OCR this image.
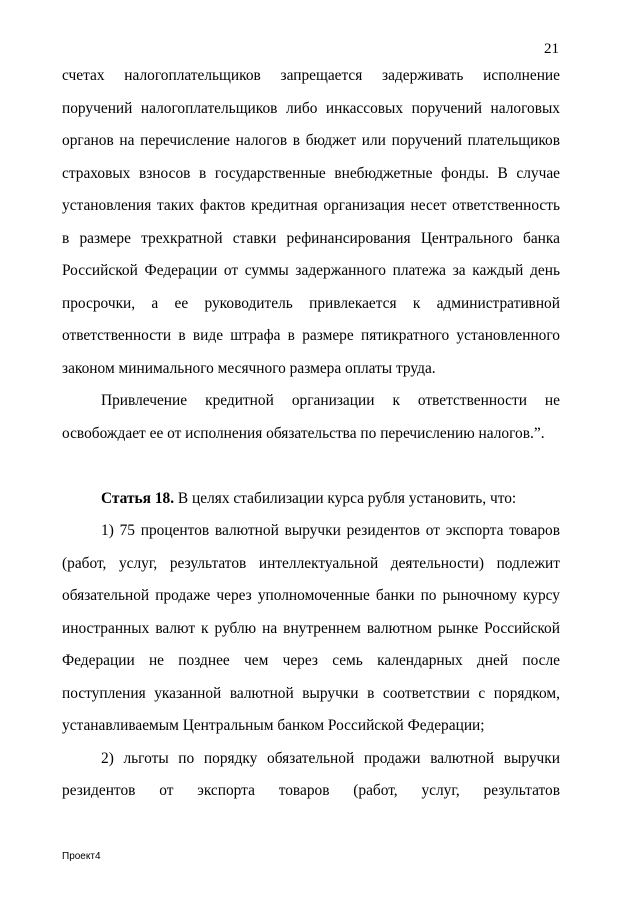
21
счетах налогоплательщиков запрещается задерживать исполнение
поручений налогоплательщиков либо инкассовых поручений налоговых
органов на перечисление налогов в бюджет или поручений плательщиков
страховых взносов в государственные внебюджетные фонды. В случае
установления таких фактов кредитная организация несет ответственность
в размере трехкратной ставки рефинансирования Центрального банка
Российской Федерации от суммы задержанного платежа за каждый день
просрочки, а ее руководитель привлекается к административной
ответственности в виде штрафа в размере пятикратного установленного
законом минимального месячного размера оплаты труда.
Привлечение кредитной организации к ответственности не
освобождает ее от исполнения обязательства по перечислению налогов.”.
Статья 18. В целях стабилизации курса рубля установить, что:
1) 75 процентов валютной выручки резидентов от экспорта товаров
(работ, услуг, результатов интеллектуальной деятельности) подлежит
обязательной продаже через уполномоченные банки по рыночному курсу
иностранных валют к рублю на внутреннем валютном рынке Российской
Федерации не позднее чем через семь календарных дней после
поступления указанной валютной выручки в соответствии с порядком,
устанавливаемым Центральным банком Российской Федерации;
2) льготы по порядку обязательной продажи валютной выручки
резидентов от экспорта товаров (работ, услуг, результатов
Проект4
